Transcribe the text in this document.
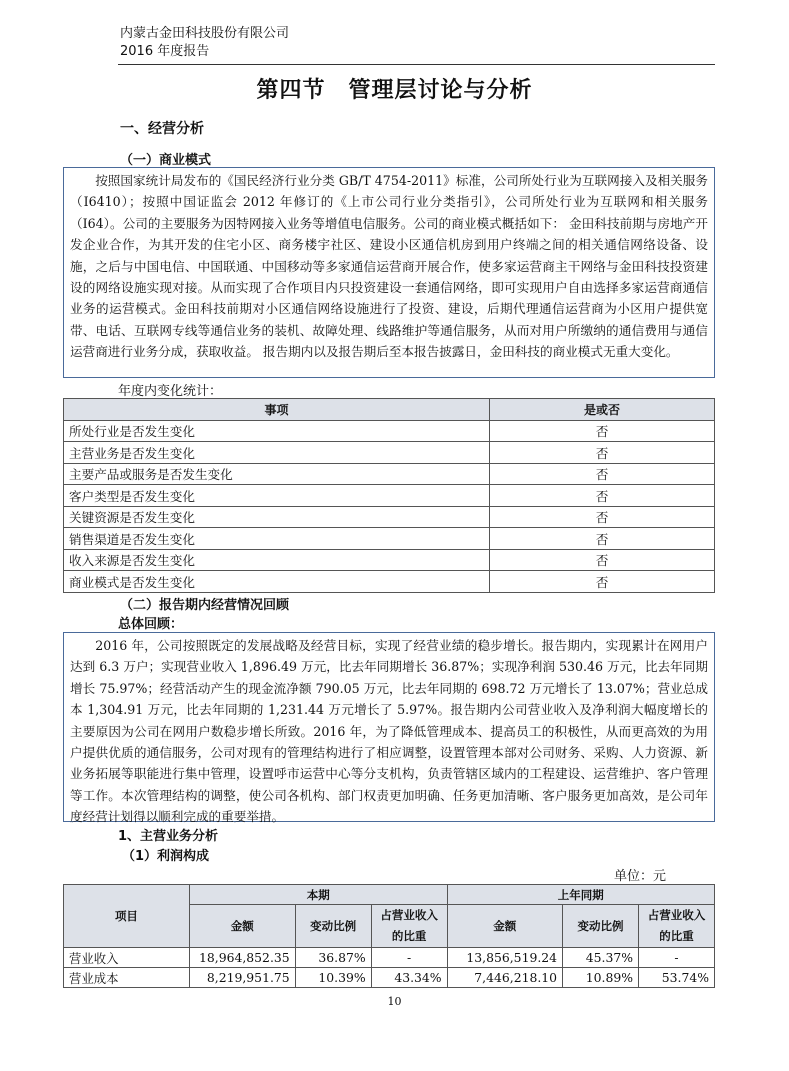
内蒙古金田科技股份有限公司
2016 年度报告
第四节　管理层讨论与分析
一、经营分析
（一）商业模式

按照国家统计局发布的《国民经济行业分类 GB/T 4754-2011》标准，公司所处行业为互联网接入及相关服务（I6410）；按照中国证监会 2012 年修订的《上市公司行业分类指引》，公司所处行业为互联网和相关服务（I64）。公司的主要服务为因特网接入业务等增值电信服务。公司的商业模式概括如下： 金田科技前期与房地产开发企业合作，为其开发的住宅小区、商务楼宇社区、建设小区通信机房到用户终端之间的相关通信网络设备、设施，之后与中国电信、中国联通、中国移动等多家通信运营商开展合作，使多家运营商主干网络与金田科技投资建设的网络设施实现对接。从而实现了合作项目内只投资建设一套通信网络，即可实现用户自由选择多家运营商通信业务的运营模式。金田科技前期对小区通信网络设施进行了投资、建设，后期代理通信运营商为小区用户提供宽带、电话、互联网专线等通信业务的装机、故障处理、线路维护等通信服务，从而对用户所缴纳的通信费用与通信运营商进行业务分成，获取收益。 报告期内以及报告期后至本报告披露日，金田科技的商业模式无重大变化。

年度内变化统计：
事项	是或否
所处行业是否发生变化	否
主营业务是否发生变化	否
主要产品或服务是否发生变化	否
客户类型是否发生变化	否
关键资源是否发生变化	否
销售渠道是否发生变化	否
收入来源是否发生变化	否
商业模式是否发生变化	否
（二）报告期内经营情况回顾
总体回顾：

2016 年，公司按照既定的发展战略及经营目标，实现了经营业绩的稳步增长。报告期内，实现累计在网用户达到 6.3 万户；实现营业收入 1,896.49 万元，比去年同期增长 36.87%；实现净利润 530.46 万元，比去年同期增长 75.97%；经营活动产生的现金流净额 790.05 万元，比去年同期的 698.72 万元增长了 13.07%；营业总成本 1,304.91 万元，比去年同期的 1,231.44 万元增长了 5.97%。报告期内公司营业收入及净利润大幅度增长的主要原因为公司在网用户数稳步增长所致。2016 年，为了降低管理成本、提高员工的积极性，从而更高效的为用户提供优质的通信服务，公司对现有的管理结构进行了相应调整，设置管理本部对公司财务、采购、人力资源、新业务拓展等职能进行集中管理，设置呼市运营中心等分支机构，负责管辖区域内的工程建设、运营维护、客户管理等工作。本次管理结构的调整，使公司各机构、部门权责更加明确、任务更加清晰、客户服务更加高效，是公司年度经营计划得以顺利完成的重要举措。

1、主营业务分析
（1）利润构成
单位：元
项目	本期			上年同期		
	金额	变动比例	占营业收入的比重	金额	变动比例	占营业收入的比重
营业收入	18,964,852.35	36.87%	-	13,856,519.24	45.37%	-
营业成本	8,219,951.75	10.39%	43.34%	7,446,218.10	10.89%	53.74%
10
